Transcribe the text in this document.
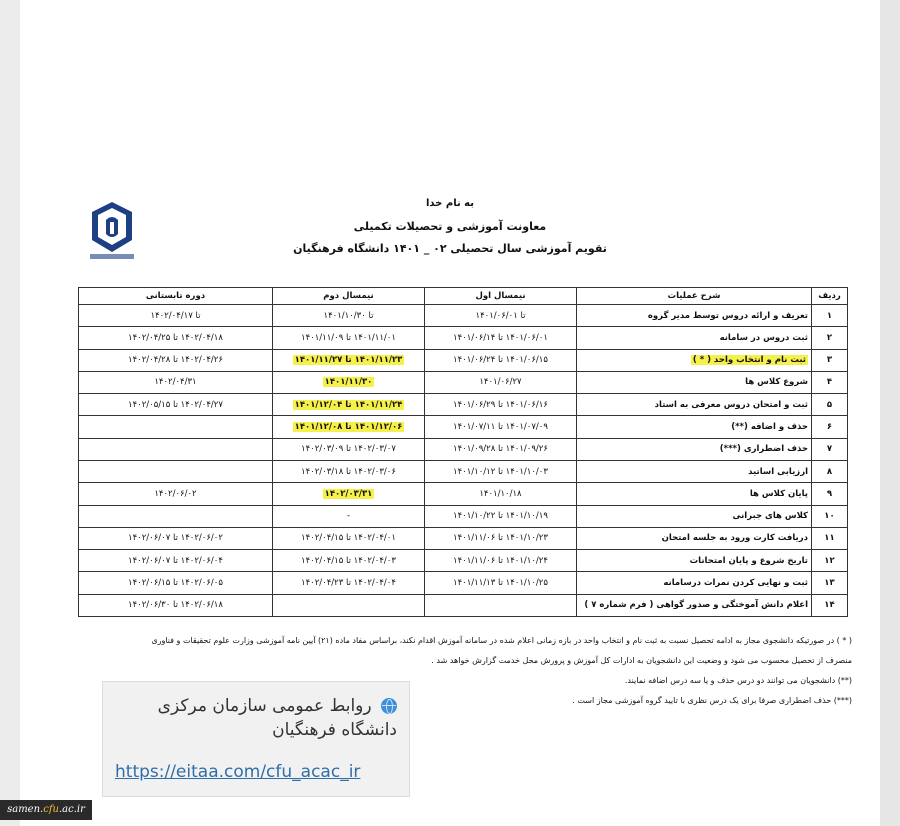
به نام خدا
معاونت آموزشی و تحصیلات تکمیلی
تقویم آموزشی سال تحصیلی ۰۲ _ ۱۴۰۱ دانشگاه فرهنگیان
ردیف	شرح عملیات	نیمسال اول	نیمسال دوم	دوره تابستانی
۱	تعریف و ارائه دروس توسط مدیر گروه	تا ۱۴۰۱/۰۶/۰۱	تا ۱۴۰۱/۱۰/۳۰	تا ۱۴۰۲/۰۴/۱۷
۲	ثبت دروس در سامانه	۱۴۰۱/۰۶/۰۱ تا ۱۴۰۱/۰۶/۱۴	۱۴۰۱/۱۱/۰۱ تا ۱۴۰۱/۱۱/۰۹	۱۴۰۲/۰۴/۱۸ تا ۱۴۰۲/۰۴/۲۵
۳	ثبت نام و انتخاب واحد ( * )	۱۴۰۱/۰۶/۱۵ تا ۱۴۰۱/۰۶/۲۴	۱۴۰۱/۱۱/۲۳ تا ۱۴۰۱/۱۱/۲۷	۱۴۰۲/۰۴/۲۶ تا ۱۴۰۲/۰۴/۲۸
۴	شروع کلاس ها	۱۴۰۱/۰۶/۲۷	۱۴۰۱/۱۱/۳۰	۱۴۰۲/۰۴/۳۱
۵	ثبت و امتحان دروس معرفی به استاد	۱۴۰۱/۰۶/۱۶ تا ۱۴۰۱/۰۶/۲۹	۱۴۰۱/۱۱/۲۴ تا ۱۴۰۱/۱۲/۰۴	۱۴۰۲/۰۴/۲۷ تا ۱۴۰۲/۰۵/۱۵
۶	حذف و اضافه (**)	۱۴۰۱/۰۷/۰۹ تا ۱۴۰۱/۰۷/۱۱	۱۴۰۱/۱۲/۰۶ تا ۱۴۰۱/۱۲/۰۸	
۷	حذف اضطراری (***)	۱۴۰۱/۰۹/۲۶ تا ۱۴۰۱/۰۹/۲۸	۱۴۰۲/۰۳/۰۷ تا ۱۴۰۲/۰۳/۰۹	
۸	ارزیابی اساتید	۱۴۰۱/۱۰/۰۳ تا ۱۴۰۱/۱۰/۱۲	۱۴۰۲/۰۳/۰۶ تا ۱۴۰۲/۰۳/۱۸	
۹	پایان کلاس ها	۱۴۰۱/۱۰/۱۸	۱۴۰۲/۰۳/۳۱	۱۴۰۲/۰۶/۰۲
۱۰	کلاس های جبرانی	۱۴۰۱/۱۰/۱۹ تا ۱۴۰۱/۱۰/۲۲	-	
۱۱	دریافت کارت ورود به جلسه امتحان	۱۴۰۱/۱۰/۲۳ تا ۱۴۰۱/۱۱/۰۶	۱۴۰۲/۰۴/۰۱ تا ۱۴۰۲/۰۴/۱۵	۱۴۰۲/۰۶/۰۲ تا ۱۴۰۲/۰۶/۰۷
۱۲	تاریخ شروع و پایان امتحانات	۱۴۰۱/۱۰/۲۴ تا ۱۴۰۱/۱۱/۰۶	۱۴۰۲/۰۴/۰۳ تا ۱۴۰۲/۰۴/۱۵	۱۴۰۲/۰۶/۰۴ تا ۱۴۰۲/۰۶/۰۷
۱۳	ثبت و نهایی کردن نمرات درسامانه	۱۴۰۱/۱۰/۲۵ تا ۱۴۰۱/۱۱/۱۳	۱۴۰۲/۰۴/۰۴ تا ۱۴۰۲/۰۴/۲۳	۱۴۰۲/۰۶/۰۵ تا ۱۴۰۲/۰۶/۱۵
۱۴	اعلام دانش آموختگی و صدور گواهی ( فرم شماره ۷ )			۱۴۰۲/۰۶/۱۸ تا ۱۴۰۲/۰۶/۳۰
( * ) در صورتیکه دانشجوی مجاز به ادامه تحصیل نسبت به ثبت نام و انتخاب واحد در بازه زمانی اعلام شده در سامانه آموزش اقدام نکند، براساس مفاد ماده (۲۱) آیین نامه آموزشی وزارت علوم تحقیقات و فناوری
منصرف از تحصیل محسوب می شود و وضعیت این دانشجویان به ادارات کل آموزش و پرورش محل خدمت گزارش خواهد شد .
(**) دانشجویان می توانند دو درس حذف و یا سه درس اضافه نمایند.
(***) حذف اضطراری صرفا برای یک درس نظری با تایید گروه آموزشی مجاز است .
روابط عمومی سازمان مرکزی دانشگاه فرهنگیان
https://eitaa.com/cfu_acac_ir
samen.cfu.ac.ir
